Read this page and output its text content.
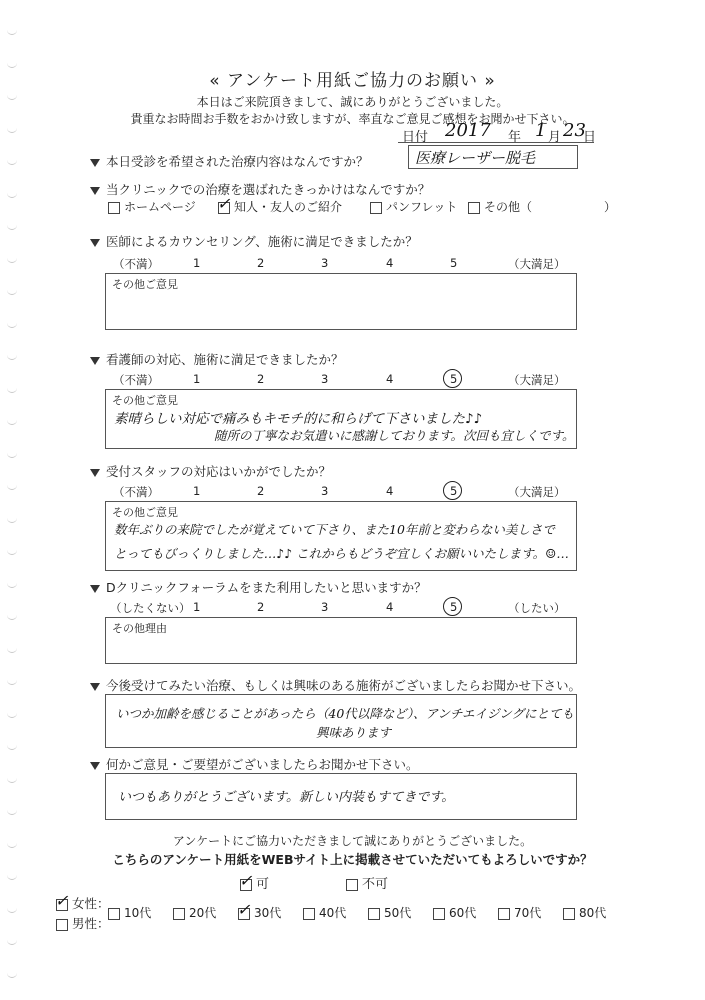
« アンケート用紙ご協力のお願い »
本日はご来院頂きまして、誠にありがとうございました。
貴重なお時間お手数をおかけ致しますが、率直なご意見ご感想をお聞かせ下さい。
日付 2017 年 1 月 23
日
本日受診を希望された治療内容はなんですか？	医療レーザー脱毛
当クリニックでの治療を選ばれたきっかけはなんですか？
ホームページ ✓ 知人・友人のご紹介	パンフレット	その他（	）
医師によるカウンセリング、施術に満足できましたか？
（不満）	1	2	3	4	5	（大満足）
その他ご意見
看護師の対応、施術に満足できましたか？
（不満）	1	2	3	4	5	（大満足）
その他ご意見
素晴らしい対応で痛みもキモチ的に和らげて下さいました♪♪
随所の丁寧なお気遣いに感謝しております。次回も宜しくです。
受付スタッフの対応はいかがでしたか？
（不満）	1	2	3	4	5	（大満足）
その他ご意見
数年ぶりの来院でしたが覚えていて下さり、また10年前と変わらない美しさで
とってもびっくりしました…♪♪ これからもどうぞ宜しくお願いいたします。☺…
Dクリニックフォーラムをまた利用したいと思いますか？
（したくない） 1	2	3	4	5	（したい）
その他理由
今後受けてみたい治療、もしくは興味のある施術がございましたらお聞かせ下さい。
いつか加齢を感じることがあったら（40代以降など）、アンチエイジングにとても
興味あります
何かご意見・ご要望がございましたらお聞かせ下さい。
いつもありがとうございます。新しい内装もすてきです。
アンケートにご協力いただきまして誠にありがとうございました。
こちらのアンケート用紙をWEBサイト上に掲載させていただいてもよろしいですか？
✓ 可	不可
✓ 女性：
男性：
10代	20代 ✓ 30代	40代	50代	60代	70代	80代
